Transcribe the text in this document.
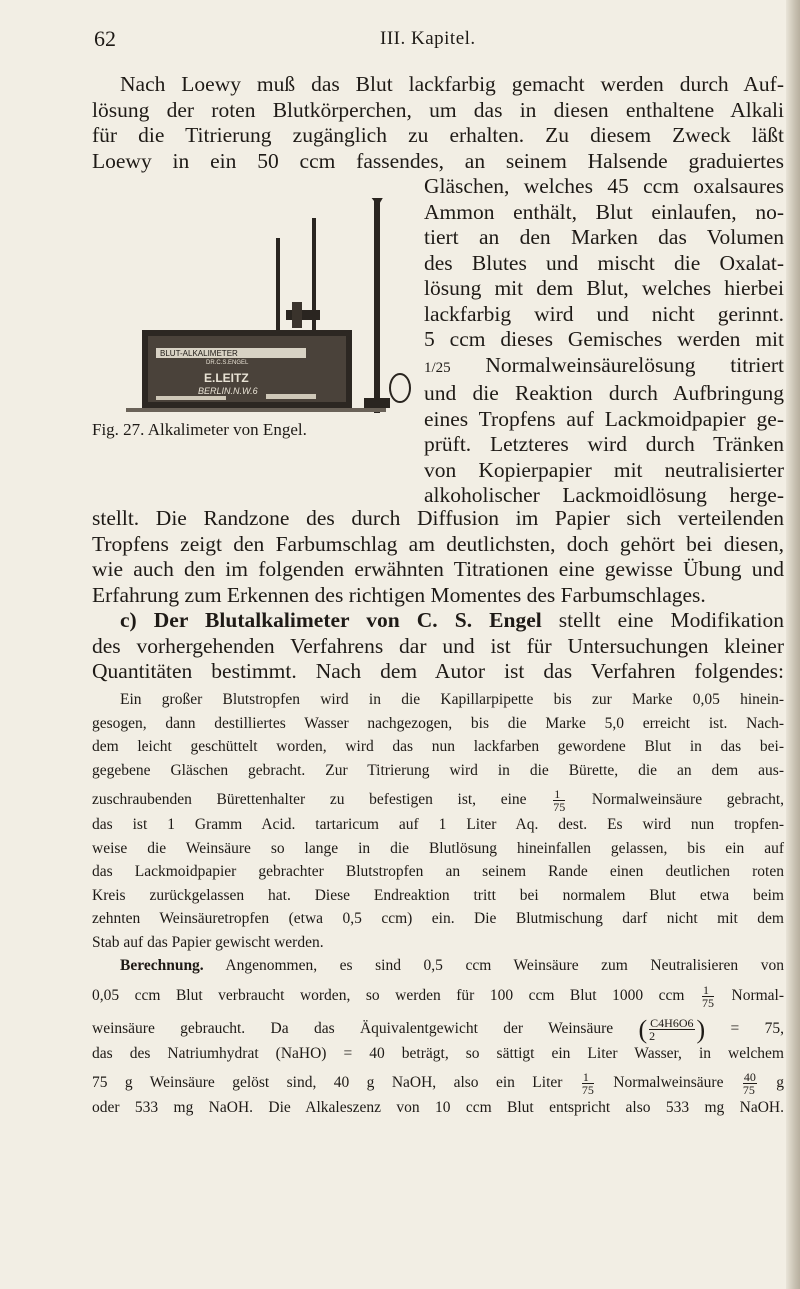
62	III. Kapitel.
Nach Loewy muß das Blut lackfarbig gemacht werden durch Auf-
lösung der roten Blutkörperchen, um das in diesen enthaltene Alkali
für die Titrierung zugänglich zu erhalten. Zu diesem Zweck läßt
Loewy in ein 50 ccm fassendes, an seinem Halsende graduiertes
Gläschen, welches 45 ccm oxalsaures
Ammon enthält, Blut einlaufen, no-
tiert an den Marken das Volumen
des Blutes und mischt die Oxalat-
lösung mit dem Blut, welches hierbei
lackfarbig wird und nicht gerinnt.
5 ccm dieses Gemisches werden mit
1/25 Normalweinsäurelösung titriert
und die Reaktion durch Aufbringung
eines Tropfens auf Lackmoidpapier ge-
prüft. Letzteres wird durch Tränken
von Kopierpapier mit neutralisierter
alkoholischer Lackmoidlösung herge-
BLUT-ALKALIMETER
DR.C.S.ENGEL
E.LEITZ
BERLIN.N.W.6
Fig. 27. Alkalimeter von Engel.
stellt. Die Randzone des durch Diffusion im Papier sich verteilenden
Tropfens zeigt den Farbumschlag am deutlichsten, doch gehört bei diesen,
wie auch den im folgenden erwähnten Titrationen eine gewisse Übung und
Erfahrung zum Erkennen des richtigen Momentes des Farbumschlages.
c) Der Blutalkalimeter von C. S. Engel stellt eine Modifikation
des vorhergehenden Verfahrens dar und ist für Untersuchungen kleiner
Quantitäten bestimmt. Nach dem Autor ist das Verfahren folgendes:
Ein großer Blutstropfen wird in die Kapillarpipette bis zur Marke 0,05 hinein-
gesogen, dann destilliertes Wasser nachgezogen, bis die Marke 5,0 erreicht ist. Nach-
dem leicht geschüttelt worden, wird das nun lackfarben gewordene Blut in das bei-
gegebene Gläschen gebracht. Zur Titrierung wird in die Bürette, die an dem aus-
zuschraubenden Bürettenhalter zu befestigen ist, eine $\frac{1}{75}$ Normalweinsäure gebracht,
das ist 1 Gramm Acid. tartaricum auf 1 Liter Aq. dest. Es wird nun tropfen-
weise die Weinsäure so lange in die Blutlösung hineinfallen gelassen, bis ein auf
das Lackmoidpapier gebrachter Blutstropfen an seinem Rande einen deutlichen roten
Kreis zurückgelassen hat. Diese Endreaktion tritt bei normalem Blut etwa beim
zehnten Weinsäuretropfen (etwa 0,5 ccm) ein. Die Blutmischung darf nicht mit dem
Stab auf das Papier gewischt werden.
Berechnung. Angenommen, es sind 0,5 ccm Weinsäure zum Neutralisieren von
0,05 ccm Blut verbraucht worden, so werden für 100 ccm Blut 1000 ccm $\frac{1}{75}$ Normal-
weinsäure gebraucht. Da das Äquivalentgewicht der Weinsäure ( $\frac{C4H6O6}{2}$ ) = 75,
das des Natriumhydrat (NaHO) = 40 beträgt, so sättigt ein Liter Wasser, in welchem
75 g Weinsäure gelöst sind, 40 g NaOH, also ein Liter $\frac{1}{75}$ Normalweinsäure $\frac{40}{75}$ g
oder 533 mg NaOH. Die Alkaleszenz von 10 ccm Blut entspricht also 533 mg NaOH.
